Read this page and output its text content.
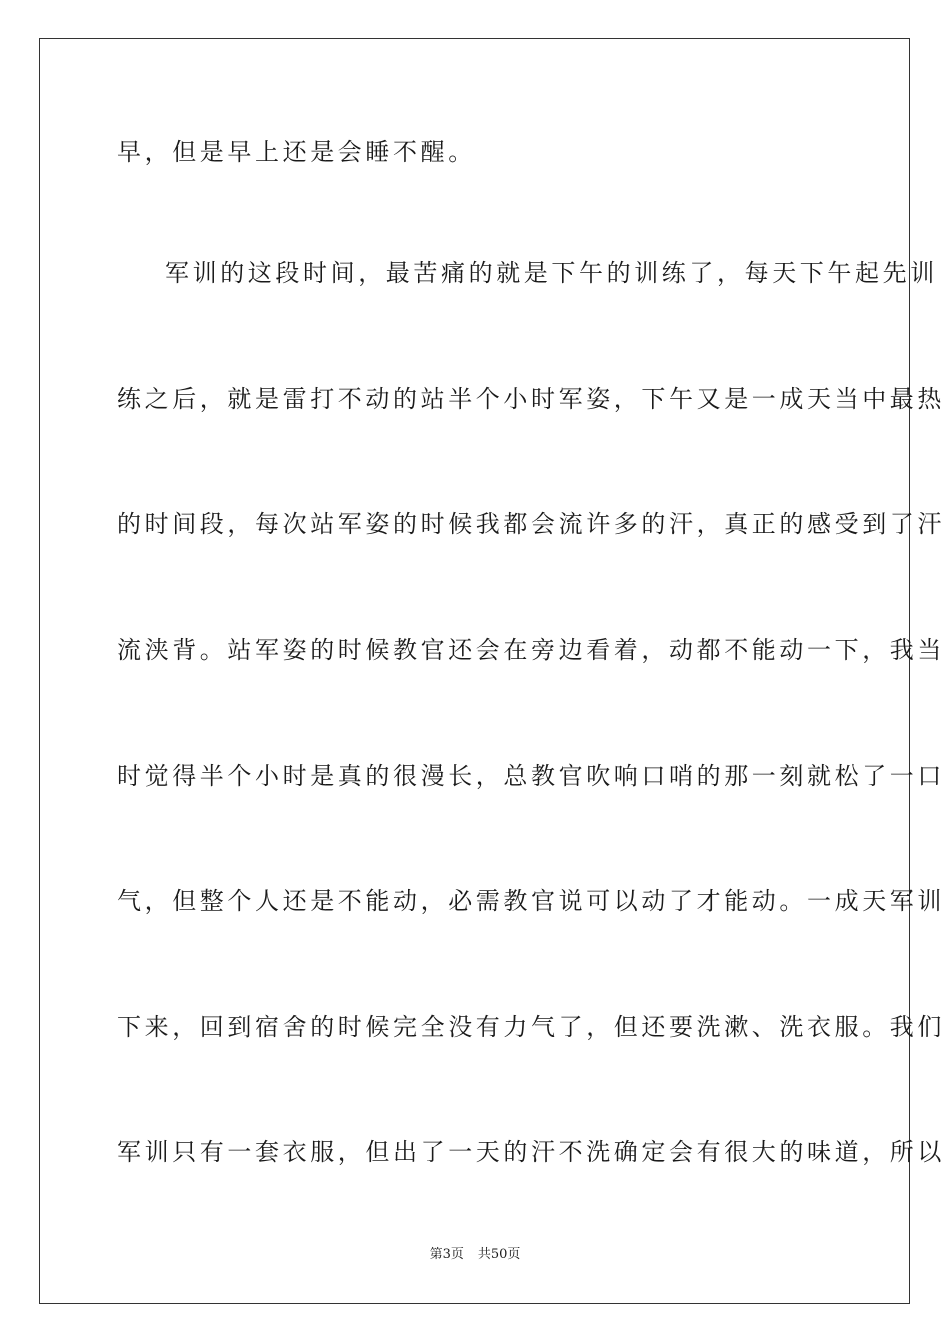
早，但是早上还是会睡不醒。
军训的这段时间，最苦痛的就是下午的训练了，每天下午起先训
练之后，就是雷打不动的站半个小时军姿，下午又是一成天当中最热
的时间段，每次站军姿的时候我都会流许多的汗，真正的感受到了汗
流浃背。站军姿的时候教官还会在旁边看着，动都不能动一下，我当
时觉得半个小时是真的很漫长，总教官吹响口哨的那一刻就松了一口
气，但整个人还是不能动，必需教官说可以动了才能动。一成天军训
下来，回到宿舍的时候完全没有力气了，但还要洗漱、洗衣服。我们
军训只有一套衣服，但出了一天的汗不洗确定会有很大的味道，所以
第3页 共50页
